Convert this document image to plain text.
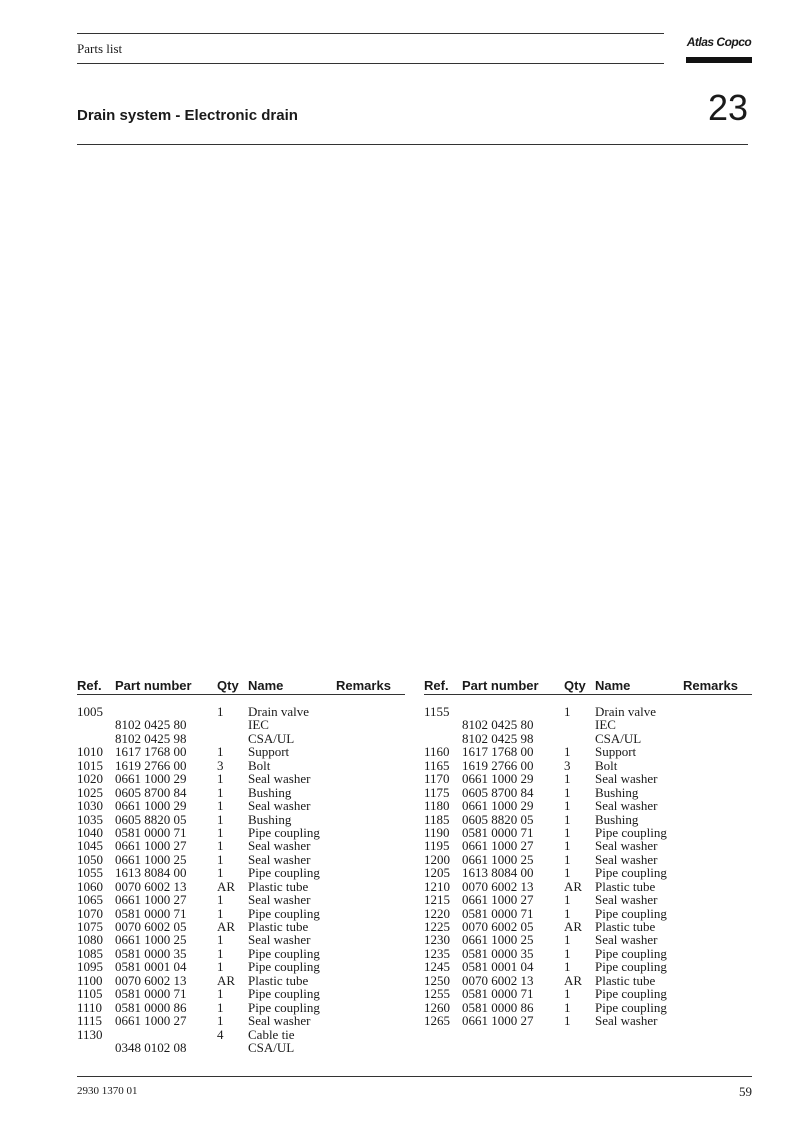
Parts list	Atlas Copco
Drain system - Electronic drain	23
Ref. Part number Qty Name	Remarks
1005	1 Drain valve
8102 0425 80	IEC
8102 0425 98	CSA/UL
1010 1617 1768 00 1 Support
1015 1619 2766 00 3 Bolt
1020 0661 1000 29 1 Seal washer
1025 0605 8700 84 1 Bushing
1030 0661 1000 29 1 Seal washer
1035 0605 8820 05 1 Bushing
1040 0581 0000 71 1 Pipe coupling
1045 0661 1000 27 1 Seal washer
1050 0661 1000 25 1 Seal washer
1055 1613 8084 00 1 Pipe coupling
1060 0070 6002 13 AR Plastic tube
1065 0661 1000 27 1 Seal washer
1070 0581 0000 71 1 Pipe coupling
1075 0070 6002 05 AR Plastic tube
1080 0661 1000 25 1 Seal washer
1085 0581 0000 35 1 Pipe coupling
1095 0581 0001 04 1 Pipe coupling
1100 0070 6002 13 AR Plastic tube
1105 0581 0000 71 1 Pipe coupling
1110 0581 0000 86 1 Pipe coupling
1115 0661 1000 27 1 Seal washer
1130	4 Cable tie
0348 0102 08	CSA/UL
Ref. Part number Qty Name	Remarks
1155	1 Drain valve
8102 0425 80	IEC
8102 0425 98	CSA/UL
1160 1617 1768 00 1 Support
1165 1619 2766 00 3 Bolt
1170 0661 1000 29 1 Seal washer
1175 0605 8700 84 1 Bushing
1180 0661 1000 29 1 Seal washer
1185 0605 8820 05 1 Bushing
1190 0581 0000 71 1 Pipe coupling
1195 0661 1000 27 1 Seal washer
1200 0661 1000 25 1 Seal washer
1205 1613 8084 00 1 Pipe coupling
1210 0070 6002 13 AR Plastic tube
1215 0661 1000 27 1 Seal washer
1220 0581 0000 71 1 Pipe coupling
1225 0070 6002 05 AR Plastic tube
1230 0661 1000 25 1 Seal washer
1235 0581 0000 35 1 Pipe coupling
1245 0581 0001 04 1 Pipe coupling
1250 0070 6002 13 AR Plastic tube
1255 0581 0000 71 1 Pipe coupling
1260 0581 0000 86 1 Pipe coupling
1265 0661 1000 27 1 Seal washer
2930 1370 01	59
